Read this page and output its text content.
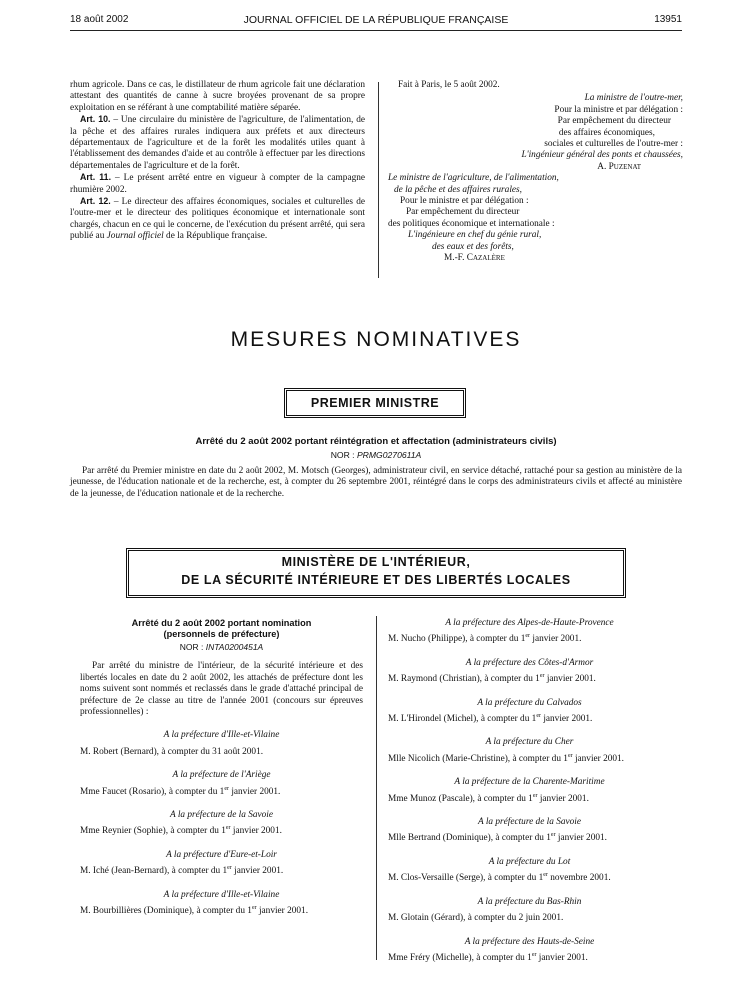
18 août 2002	JOURNAL OFFICIEL DE LA RÉPUBLIQUE FRANÇAISE	13951

rhum agricole. Dans ce cas, le distillateur de rhum agricole fait une déclaration attestant des quantités de canne à sucre broyées provenant de sa propre exploitation en se référant à une comptabilité matière séparée.

Art. 10. – Une circulaire du ministère de l'agriculture, de l'alimentation, de la pêche et des affaires rurales indiquera aux préfets et aux directeurs départementaux de l'agriculture et de la forêt les modalités utiles quant à l'établissement des demandes d'aide et au contrôle à effectuer par les directions départementales de l'agriculture et de la forêt.

Art. 11. – Le présent arrêté entre en vigueur à compter de la campagne rhumière 2002.

Art. 12. – Le directeur des affaires économiques, sociales et culturelles de l'outre-mer et le directeur des politiques économique et internationale sont chargés, chacun en ce qui le concerne, de l'exécution du présent arrêté, qui sera publié au Journal officiel de la République française.

Fait à Paris, le 5 août 2002.

La ministre de l'outre-mer,

Pour la ministre et par délégation :

Par empêchement du directeur

des affaires économiques,

sociales et culturelles de l'outre-mer :

L'ingénieur général des ponts et chaussées,

A. Puzenat

Le ministre de l'agriculture, de l'alimentation,

de la pêche et des affaires rurales,

Pour le ministre et par délégation :

Par empêchement du directeur

des politiques économique et internationale :

L'ingénieure en chef du génie rural,

des eaux et des forêts,

M.-F. Cazalère

MESURES NOMINATIVES
PREMIER MINISTRE
Arrêté du 2 août 2002 portant réintégration et affectation (administrateurs civils)
NOR : PRMG0270611A
Par arrêté du Premier ministre en date du 2 août 2002, M. Motsch (Georges), administrateur civil, en service détaché, rattaché pour sa gestion au ministère de la jeunesse, de l'éducation nationale et de la recherche, est, à compter du 26 septembre 2001, réintégré dans le corps des administrateurs civils et affecté au ministère de la jeunesse, de l'éducation nationale et de la recherche.
MINISTÈRE DE L'INTÉRIEUR,
DE LA SÉCURITÉ INTÉRIEURE ET DES LIBERTÉS LOCALES

Arrêté du 2 août 2002 portant nomination

(personnels de préfecture)

NOR : INTA0200451A

Par arrêté du ministre de l'intérieur, de la sécurité intérieure et des libertés locales en date du 2 août 2002, les attachés de préfecture dont les noms suivent sont nommés et reclassés dans le grade d'attaché principal de préfecture de 2e classe au titre de l'année 2001 (concours sur épreuves professionnelles) :

A la préfecture d'Ille-et-Vilaine

M. Robert (Bernard), à compter du 31 août 2001.

A la préfecture de l'Ariège

Mme Faucet (Rosario), à compter du 1er janvier 2001.

A la préfecture de la Savoie

Mme Reynier (Sophie), à compter du 1er janvier 2001.

A la préfecture d'Eure-et-Loir

M. Iché (Jean-Bernard), à compter du 1er janvier 2001.

A la préfecture d'Ille-et-Vilaine

M. Bourbillières (Dominique), à compter du 1er janvier 2001.

A la préfecture des Alpes-de-Haute-Provence

M. Nucho (Philippe), à compter du 1er janvier 2001.

A la préfecture des Côtes-d'Armor

M. Raymond (Christian), à compter du 1er janvier 2001.

A la préfecture du Calvados

M. L'Hirondel (Michel), à compter du 1er janvier 2001.

A la préfecture du Cher

Mlle Nicolich (Marie-Christine), à compter du 1er janvier 2001.

A la préfecture de la Charente-Maritime

Mme Munoz (Pascale), à compter du 1er janvier 2001.

A la préfecture de la Savoie

Mlle Bertrand (Dominique), à compter du 1er janvier 2001.

A la préfecture du Lot

M. Clos-Versaille (Serge), à compter du 1er novembre 2001.

A la préfecture du Bas-Rhin

M. Glotain (Gérard), à compter du 2 juin 2001.

A la préfecture des Hauts-de-Seine

Mme Fréry (Michelle), à compter du 1er janvier 2001.
